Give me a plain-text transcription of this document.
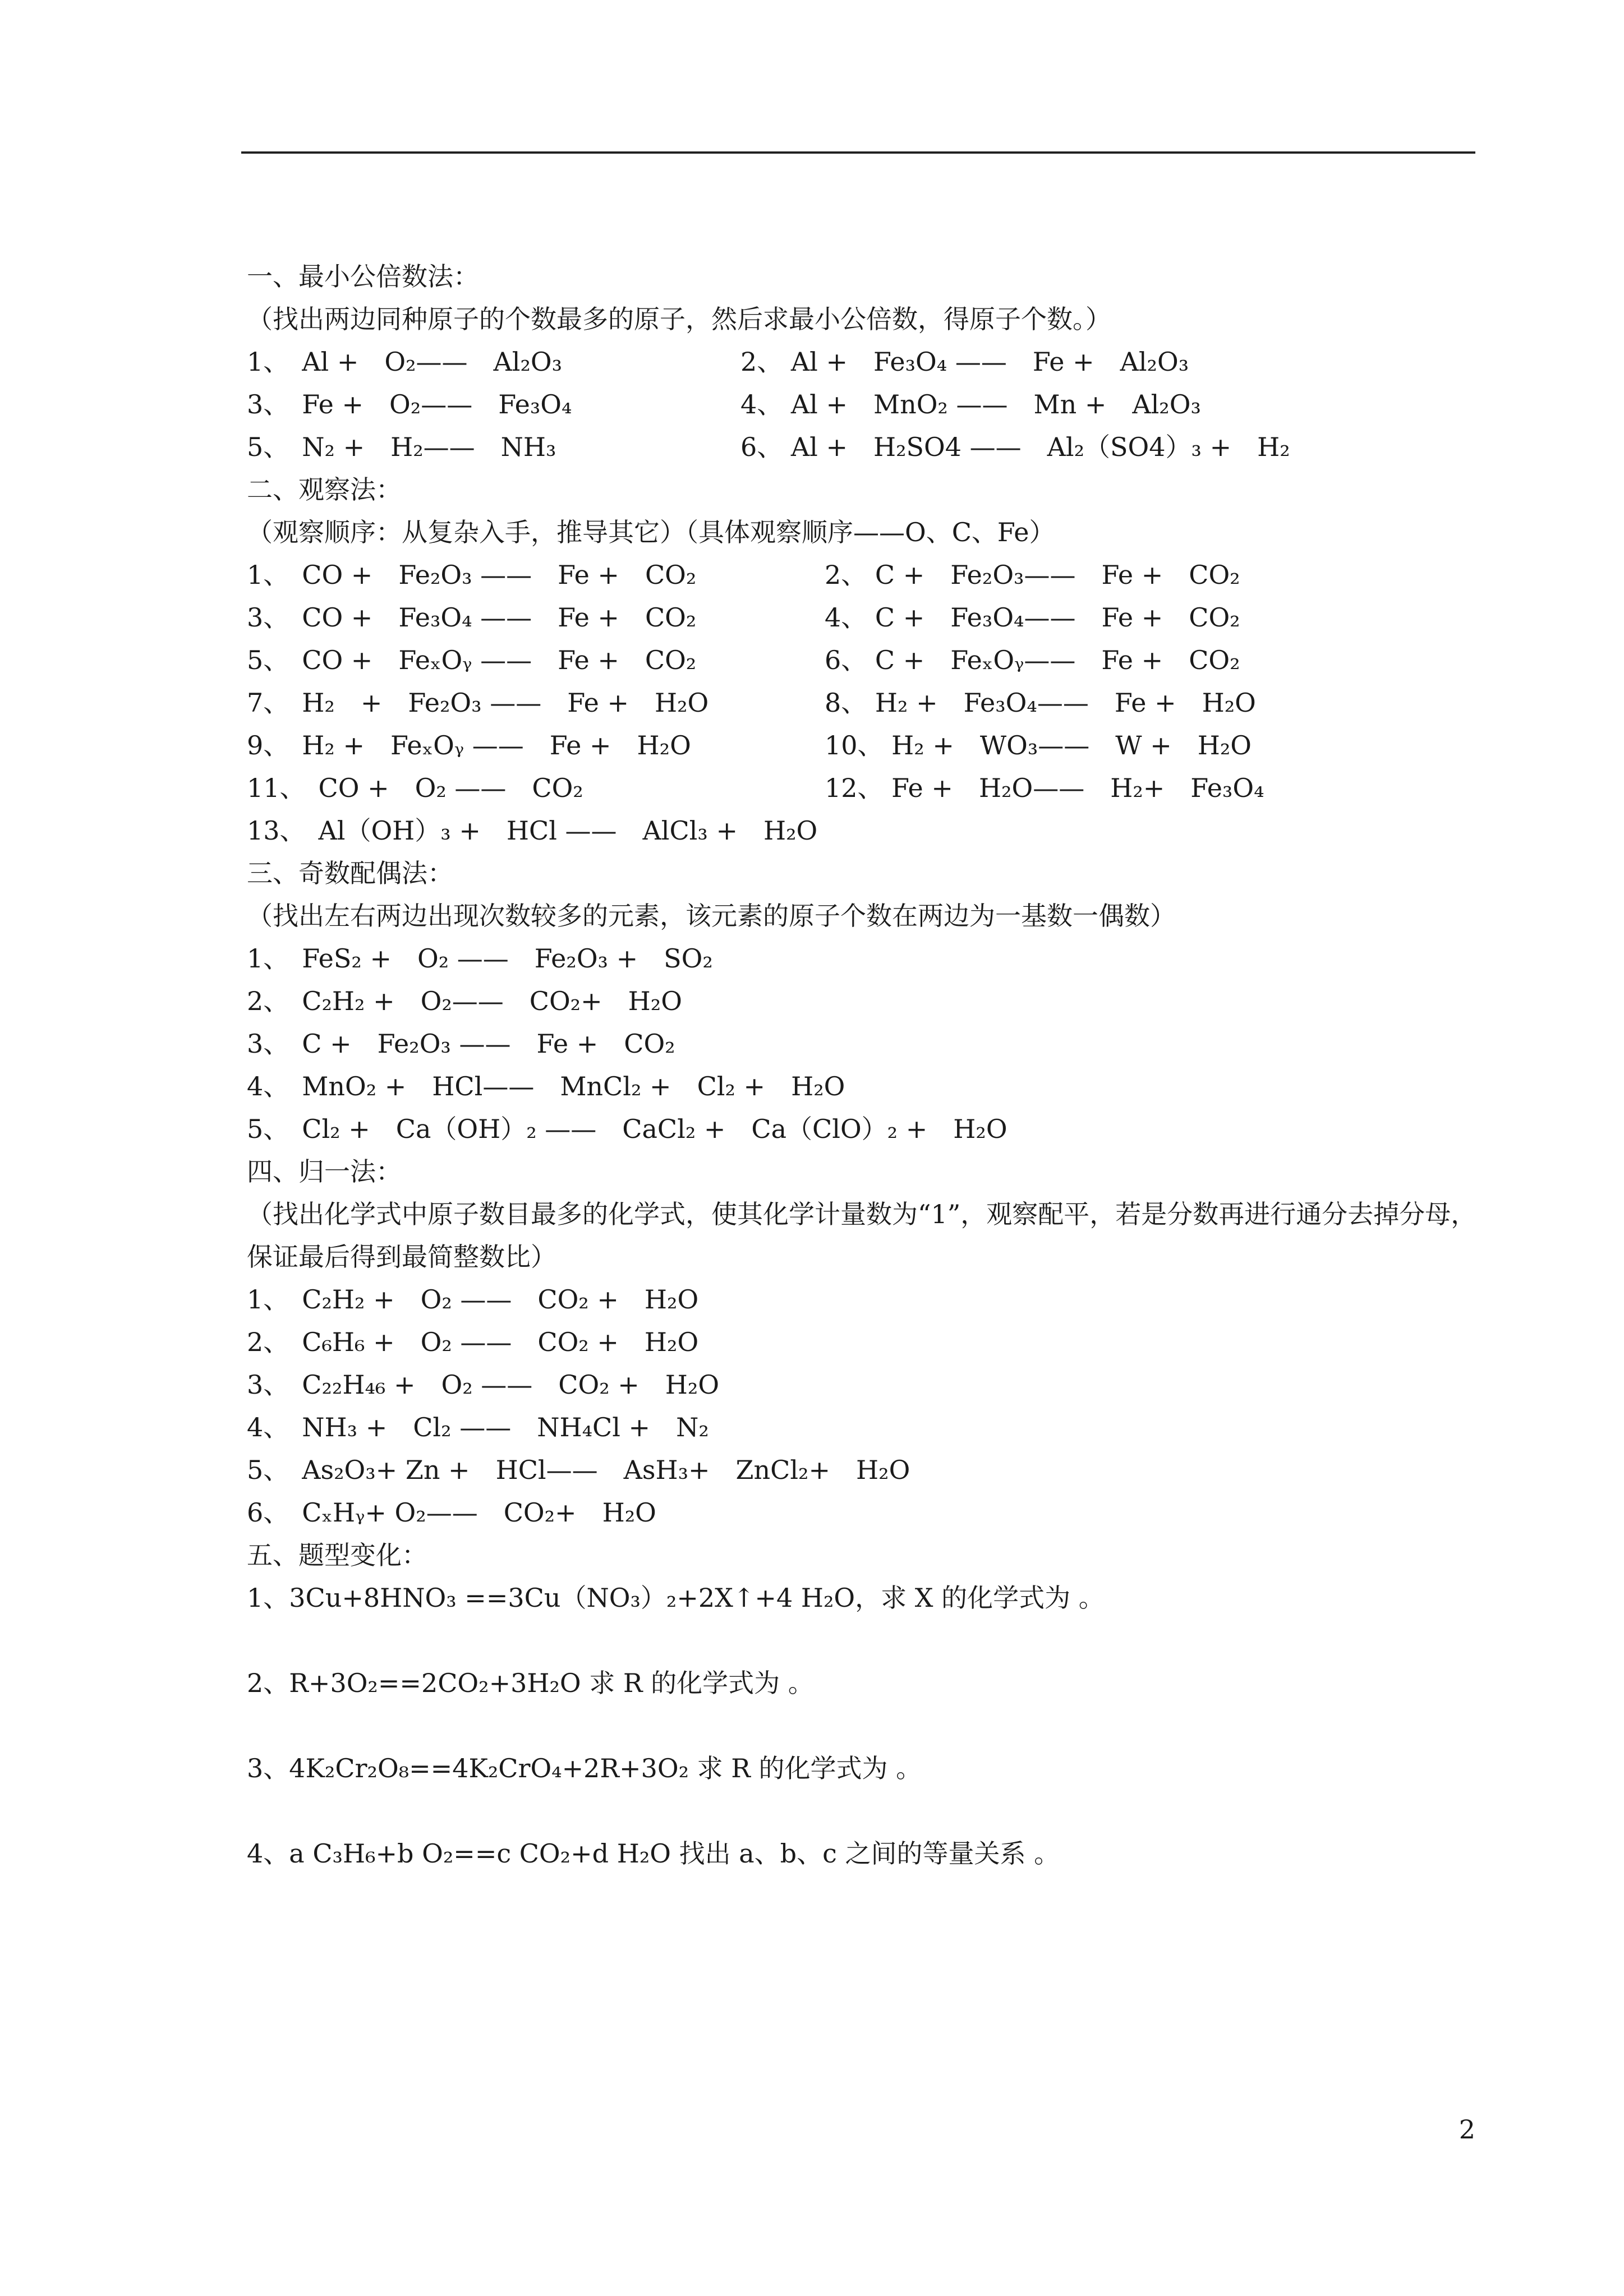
一、最小公倍数法：
（找出两边同种原子的个数最多的原子，然后求最小公倍数，得原子个数。）
1、　Al +　O₂——　Al₂O₃	2、 Al +　Fe₃O₄ ——　Fe +　Al₂O₃
3、　Fe +　O₂——　Fe₃O₄	4、 Al +　MnO₂ ——　Mn +　Al₂O₃
5、　N₂ +　H₂——　NH₃	6、 Al +　H₂SO4 ——　Al₂（SO4）₃ +　H₂
二、观察法：
（观察顺序：从复杂入手，推导其它）（具体观察顺序——O、C、Fe）
1、　CO +　Fe₂O₃ ——　Fe +　CO₂	2、 C +　Fe₂O₃——　Fe +　CO₂
3、　CO +　Fe₃O₄ ——　Fe +　CO₂	4、 C +　Fe₃O₄——　Fe +　CO₂
5、　CO +　FeₓOᵧ ——　Fe +　CO₂	6、 C +　FeₓOᵧ——　Fe +　CO₂
7、　H₂　+　Fe₂O₃ ——　Fe +　H₂O	8、 H₂ +　Fe₃O₄——　Fe +　H₂O
9、　H₂ +　FeₓOᵧ ——　Fe +　H₂O	10、 H₂ +　WO₃——　W +　H₂O
11、　CO +　O₂ ——　CO₂	12、 Fe +　H₂O——　H₂+　Fe₃O₄
13、　Al（OH）₃ +　HCl ——　AlCl₃ +　H₂O
三、奇数配偶法：
（找出左右两边出现次数较多的元素，该元素的原子个数在两边为一基数一偶数）
1、　FeS₂ +　O₂ ——　Fe₂O₃ +　SO₂
2、　C₂H₂ +　O₂——　CO₂+　H₂O
3、　C +　Fe₂O₃ ——　Fe +　CO₂
4、　MnO₂ +　HCl——　MnCl₂ +　Cl₂ +　H₂O
5、　Cl₂ +　Ca（OH）₂ ——　CaCl₂ +　Ca（ClO）₂ +　H₂O
四、归一法：
（找出化学式中原子数目最多的化学式，使其化学计量数为“1”，观察配平，若是分数再进行通分去掉分母，保证最后得到最简整数比）
1、　C₂H₂ +　O₂ ——　CO₂ +　H₂O
2、　C₆H₆ +　O₂ ——　CO₂ +　H₂O
3、　C₂₂H₄₆ +　O₂ ——　CO₂ +　H₂O
4、　NH₃ +　Cl₂ ——　NH₄Cl +　N₂
5、　As₂O₃+ Zn +　HCl——　AsH₃+　ZnCl₂+　H₂O
6、　CₓHᵧ+ O₂——　CO₂+　H₂O
五、题型变化：
1、3Cu+8HNO₃ ==3Cu（NO₃）₂+2X↑+4 H₂O，求 X 的化学式为 。
2、R+3O₂==2CO₂+3H₂O 求 R 的化学式为 。
3、4K₂Cr₂O₈==4K₂CrO₄+2R+3O₂ 求 R 的化学式为 。
4、a C₃H₆+b O₂==c CO₂+d H₂O 找出 a、b、c 之间的等量关系 。
2
